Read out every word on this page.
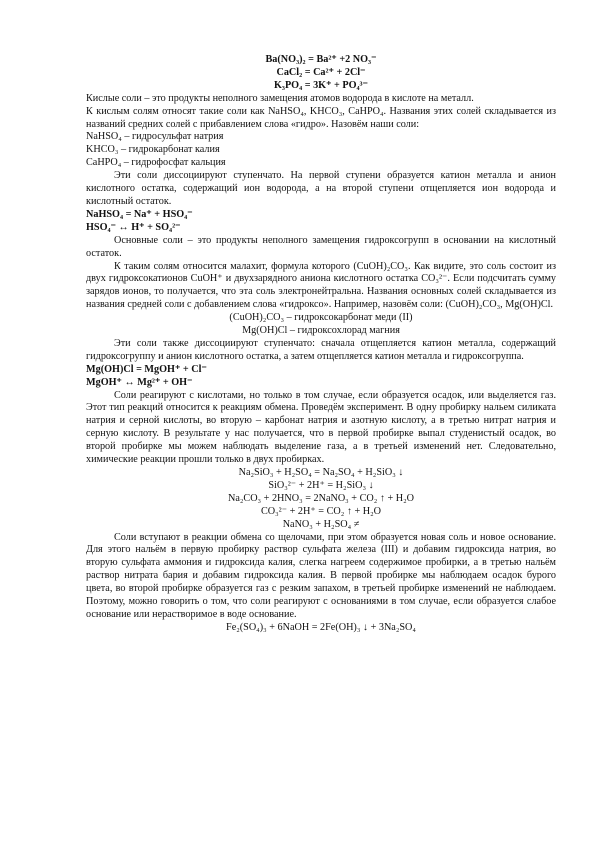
Ba(NO₃)₂ = Ba²⁺ +2 NO₃⁻

CaCl₂ = Ca²⁺ + 2Cl⁻

K₃PO₄ = 3K⁺ + PO₄³⁻

Кислые соли – это продукты неполного замещения атомов водорода в кислоте на металл.

К кислым солям относят такие соли как NaHSO₄, KHCO₃, CaHPO₄. Названия этих солей складывается из названий средних солей с прибавлением слова «гидро». Назовём наши соли:

NaHSO₄ – гидросульфат натрия

KHCO₃ – гидрокарбонат калия

CaHPO₄ – гидрофосфат кальция

Эти соли диссоциируют ступенчато. На первой ступени образуется катион металла и анион кислотного остатка, содержащий ион водорода, а на второй ступени отщепляется ион водорода и кислотный остаток.

NaHSO₄ = Na⁺ + HSO₄⁻

HSO₄⁻ ↔ H⁺ + SO₄²⁻

Основные соли – это продукты неполного замещения гидроксогрупп в основании на кислотный остаток.

К таким солям относится малахит, формула которого (CuOH)₂CO₃. Как видите, это соль состоит из двух гидроксокатионов CuOH⁺ и двухзарядного аниона кислотного остатка CO₃²⁻. Если подсчитать сумму зарядов ионов, то получается, что эта соль электронейтральна. Названия основных солей складывается из названия средней соли с добавлением слова «гидроксо». Например, назовём соли: (CuOH)₂CO₃, Mg(OH)Cl.

(CuOH)₂CO₃ – гидроксокарбонат меди (II)

Mg(OH)Cl – гидроксохлорад магния

Эти соли также диссоциируют ступенчато: сначала отщепляется катион металла, содержащий гидроксогруппу и анион кислотного остатка, а затем отщепляется катион металла и гидроксогруппа.

Mg(OH)Cl = MgOH⁺ + Cl⁻

MgOH⁺ ↔ Mg²⁺ + OH⁻

Соли реагируют с кислотами, но только в том случае, если образуется осадок, или выделяется газ. Этот тип реакций относится к реакциям обмена. Проведём эксперимент. В одну пробирку нальем силиката натрия и серной кислоты, во вторую – карбонат натрия и азотную кислоту, а в третью нитрат натрия и серную кислоту. В результате у нас получается, что в первой пробирке выпал студенистый осадок, во второй пробирке мы можем наблюдать выделение газа, а в третьей изменений нет. Следовательно, химические реакции прошли только в двух пробирках.

Na₂SiO₃ + H₂SO₄ = Na₂SO₄ + H₂SiO₃ ↓

SiO₃²⁻ + 2H⁺ = H₂SiO₃ ↓

Na₂CO₃ + 2HNO₃ = 2NaNO₃ + CO₂ ↑ + H₂O

CO₃²⁻ + 2H⁺ = CO₂ ↑ + H₂O

NaNO₃ + H₂SO₄ ≠

Соли вступают в реакции обмена со щелочами, при этом образуется новая соль и новое основание. Для этого нальём в первую пробирку раствор сульфата железа (III) и добавим гидроксида натрия, во вторую сульфата аммония и гидроксида калия, слегка нагреем содержимое пробирки, а в третью нальём раствор нитрата бария и добавим гидроксида калия. В первой пробирке мы наблюдаем осадок бурого цвета, во второй пробирке образуется газ с резким запахом, в третьей пробирке изменений не наблюдаем. Поэтому, можно говорить о том, что соли реагируют с основаниями в том случае, если образуется слабое основание или нерастворимое в воде основание.

Fe₂(SO₄)₃ + 6NaOH = 2Fe(OH)₃ ↓ + 3Na₂SO₄
